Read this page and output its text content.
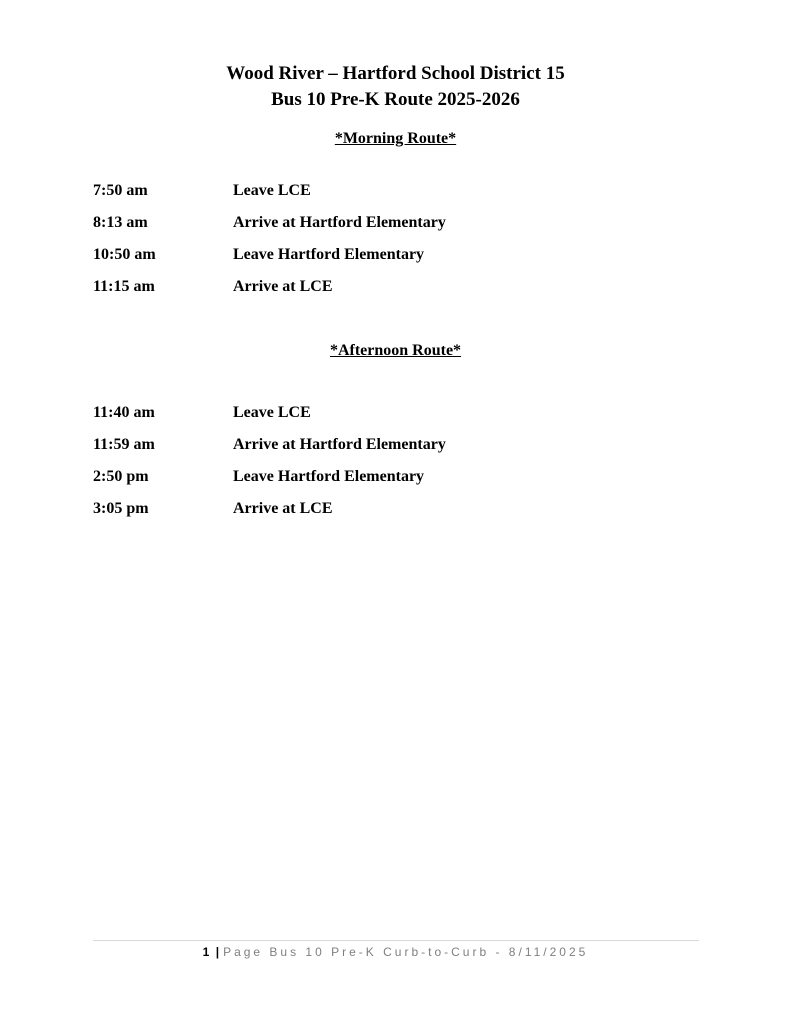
Wood River – Hartford School District 15
Bus 10 Pre-K Route 2025-2026
*Morning Route*
7:50 am	Leave LCE
8:13 am	Arrive at Hartford Elementary
10:50 am	Leave Hartford Elementary
11:15 am	Arrive at LCE
*Afternoon Route*
11:40 am	Leave LCE
11:59 am	Arrive at Hartford Elementary
2:50 pm	Leave Hartford Elementary
3:05 pm	Arrive at LCE
1 | Page Bus 10 Pre-K Curb-to-Curb - 8/11/2025
